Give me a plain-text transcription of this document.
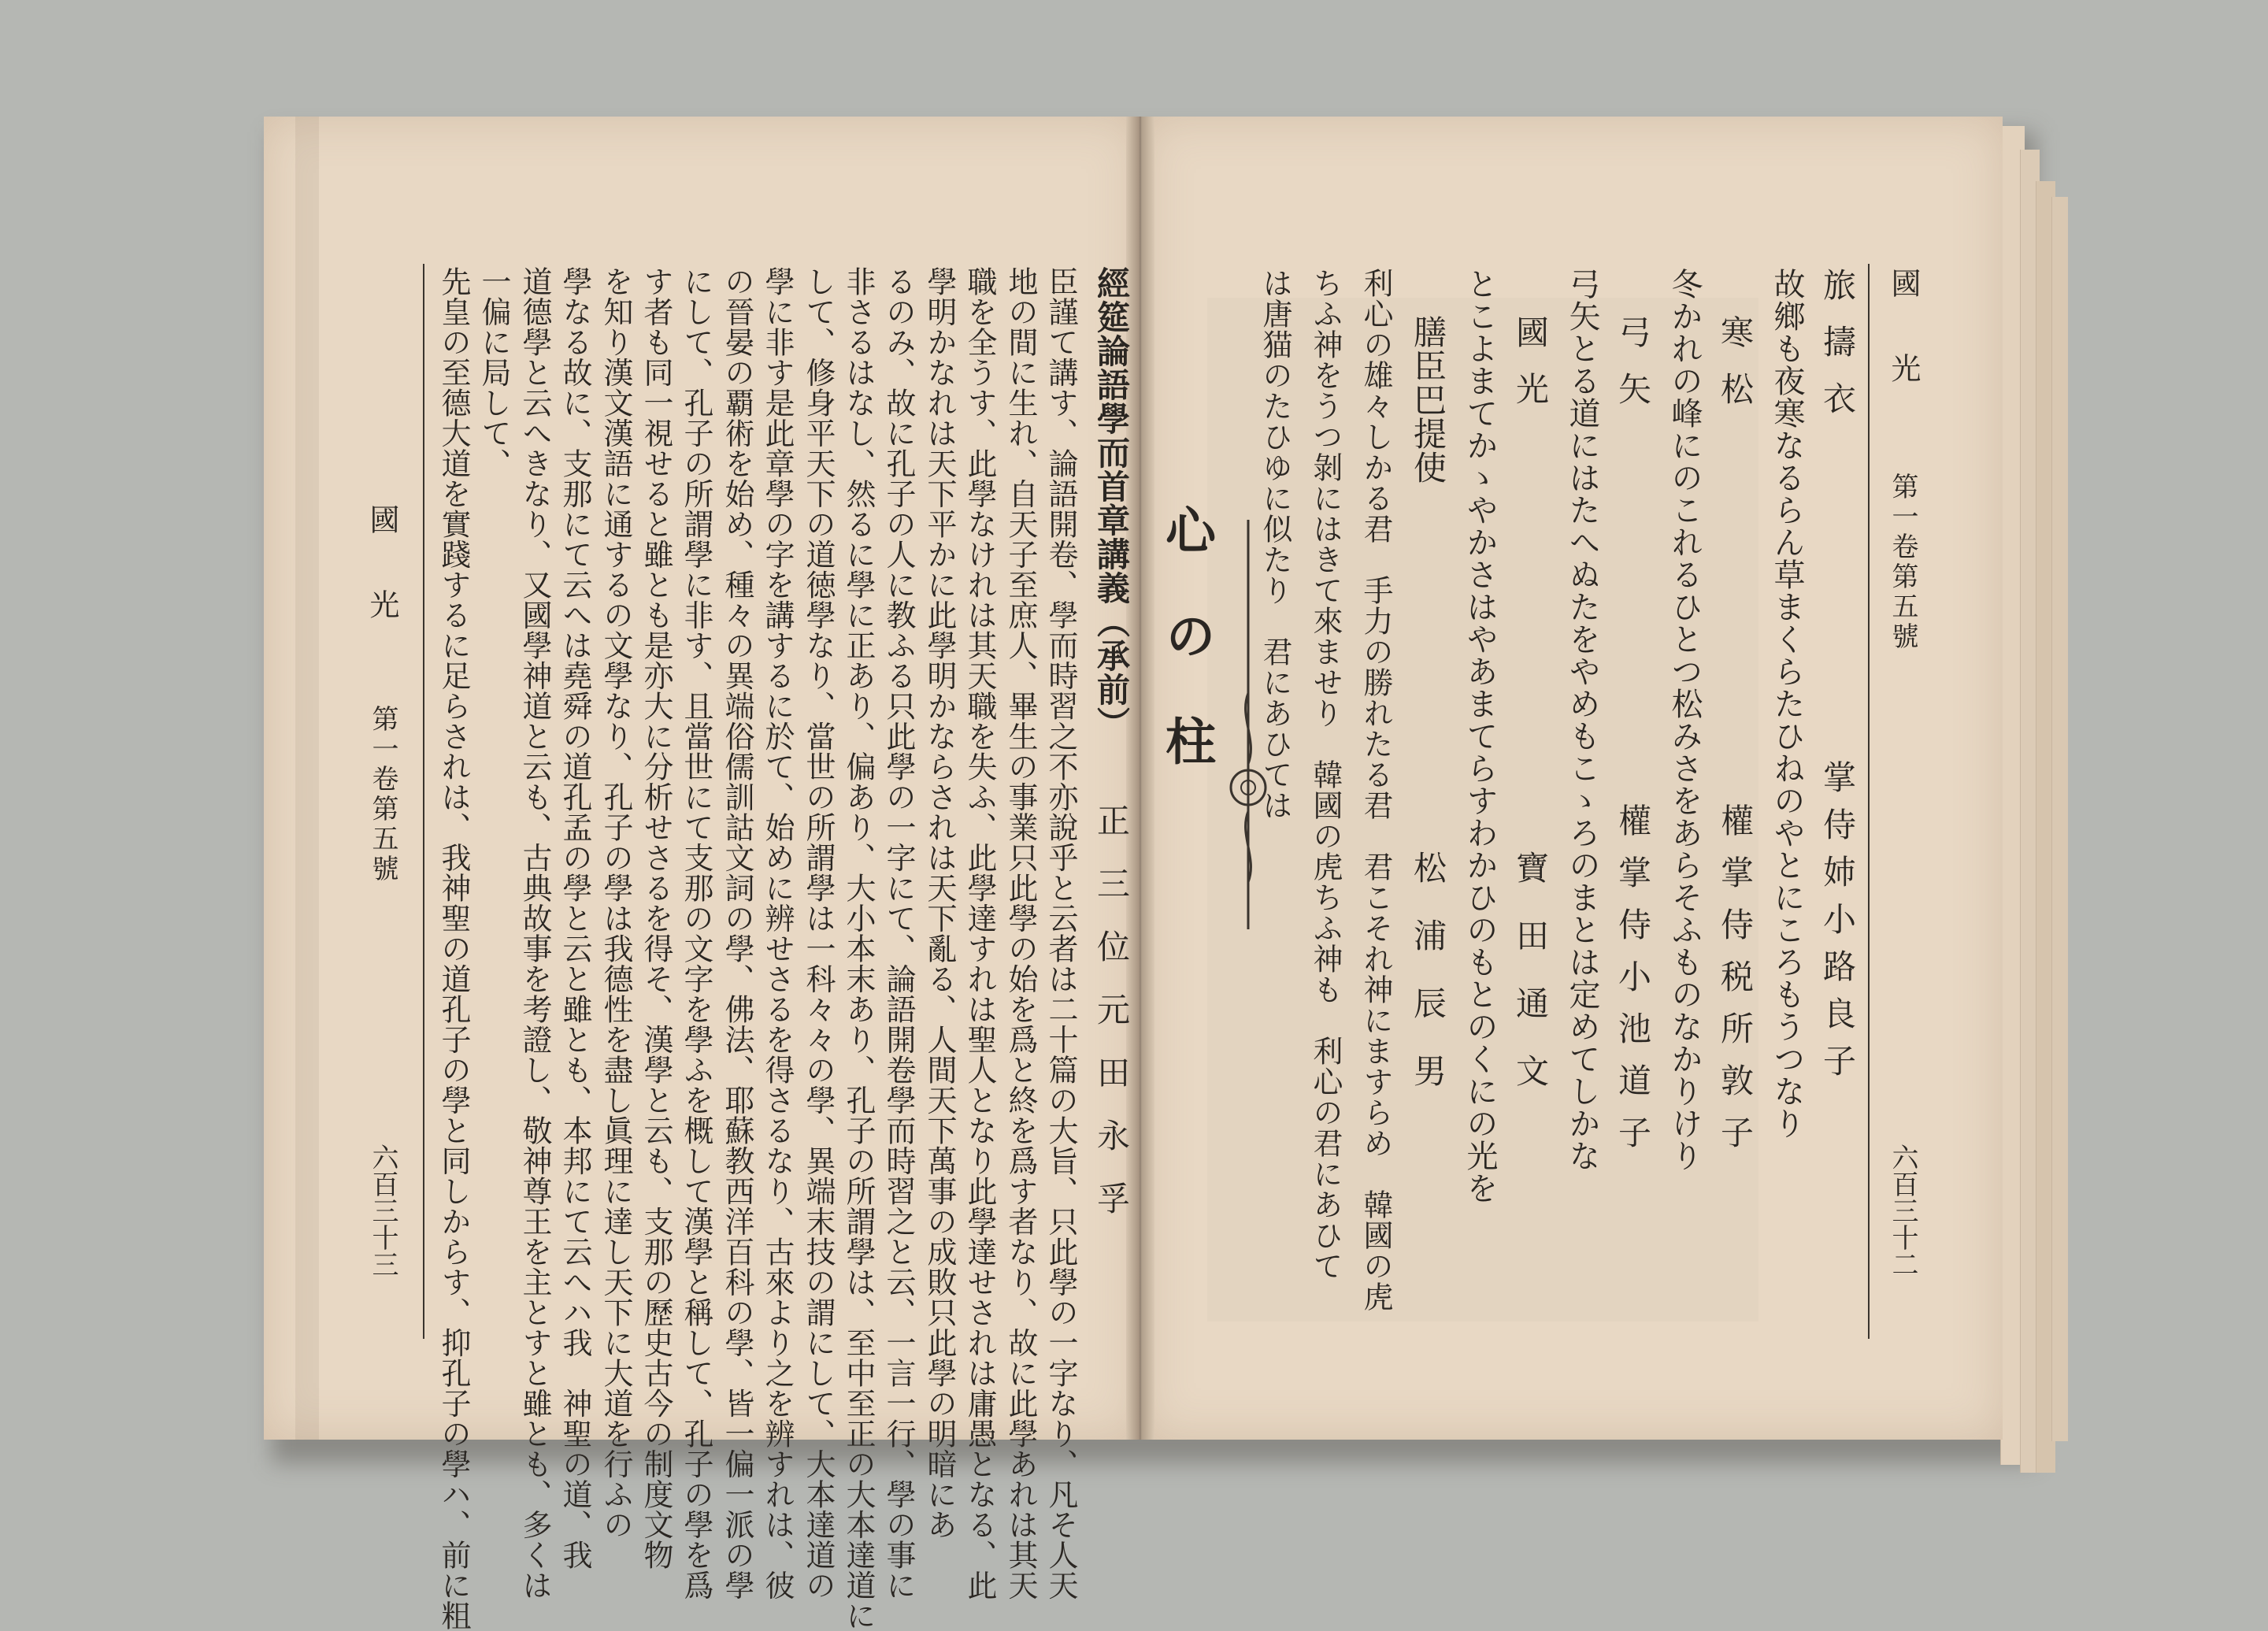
國光
第一卷第五號
六百三十二
旅擣衣
掌侍姉小路良子
故鄉も夜寒なるらん草まくらたひねのやとにころもうつなり
寒松
權掌侍税所敦子
冬かれの峰にのこれるひとつ松みさをあらそふものなかりけり
弓矢
權掌侍小池道子
弓矢とる道にはたへぬたをやめもこゝろのまとは定めてしかな
國光
寶田通文
とこよまてかゝやかさはやあまてらすわかひのもとのくにの光を
膳臣巴提使
松浦辰男
利心の雄々しかる君　手力の勝れたる君　君こそれ神にますらめ　韓國の虎
ちふ神をうつ剝にはきて來ませり　韓國の虎ちふ神も　利心の君にあひて
は唐猫のたひゆに似たり　君にあひては
心の柱
國光
第一卷第五號
六百三十三
經筵論語學而首章講義（承前）
正三位元田永孚
臣謹て講す、論語開卷、學而時習之不亦說乎と云者は二十篇の大旨、只此學の一字なり、凡そ人天
地の間に生れ、自天子至庶人、畢生の事業只此學の始を爲と終を爲す者なり、故に此學あれは其天
職を全うす、此學なけれは其天職を失ふ、此學達すれは聖人となり此學達せされは庸愚となる、此
學明かなれは天下平かに此學明かならされは天下亂る、人間天下萬事の成敗只此學の明暗にあ
るのみ、故に孔子の人に教ふる只此學の一字にて、論語開卷學而時習之と云、一言一行、學の事に
非さるはなし、然るに學に正あり、偏あり、大小本末あり、孔子の所謂學は、至中至正の大本達道に
して、修身平天下の道徳學なり、當世の所謂學は一科々々の學、異端末技の謂にして、大本達道の
學に非す是此章學の字を講するに於て、始めに辨せさるを得さるなり、古來より之を辨すれは、彼
の晉晏の覇術を始め、種々の異端俗儒訓詁文詞の學、佛法、耶蘇教西洋百科の學、皆一偏一派の學
にして、孔子の所謂學に非す、且當世にて支那の文字を學ふを概して漢學と稱して、孔子の學を爲
す者も同一視せると雖とも是亦大に分析せさるを得そ、漢學と云も、支那の歷史古今の制度文物
を知り漢文漢語に通するの文學なり、孔子の學は我德性を盡し眞理に達し天下に大道を行ふの
學なる故に、支那にて云へは堯舜の道孔孟の學と云と雖とも、本邦にて云へハ我　神聖の道、我
道德學と云へきなり、又國學神道と云も、古典故事を考證し、敬神尊王を主とすと雖とも、多くは
一偏に局して、
先皇の至德大道を實踐するに足らされは、我神聖の道孔子の學と同しからす、抑孔子の學ハ、前に粗
